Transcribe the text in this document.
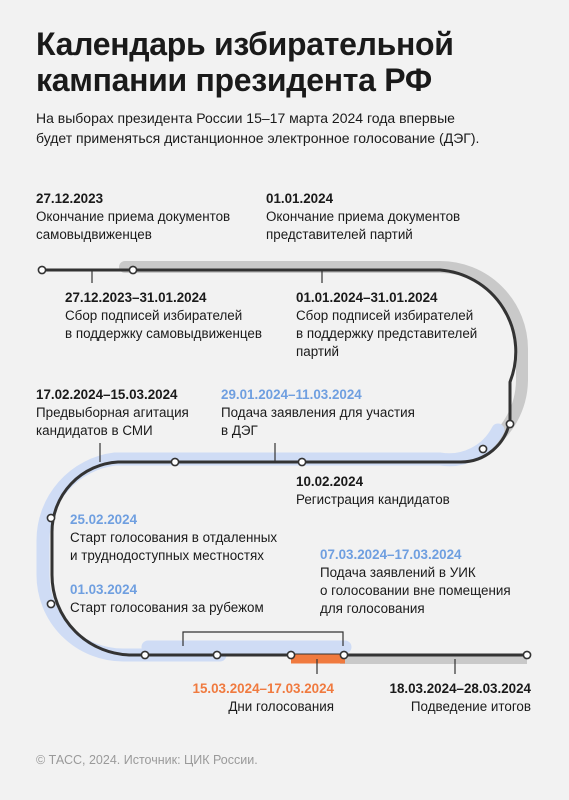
Календарь избирательной
кампании президента РФ
На выборах президента России 15–17 марта 2024 года впервые
будет применяться дистанционное электронное голосование (ДЭГ).
27.12.2023
Окончание приема документов
самовыдвиженцев
01.01.2024
Окончание приема документов
представителей партий
27.12.2023–31.01.2024
Сбор подписей избирателей
в поддержку самовыдвиженцев
01.01.2024–31.01.2024
Сбор подписей избирателей
в поддержку представителей
партий
17.02.2024–15.03.2024
Предвыборная агитация
кандидатов в СМИ
29.01.2024–11.03.2024
Подача заявления для участия
в ДЭГ
10.02.2024
Регистрация кандидатов
25.02.2024
Старт голосования в отдаленных
и труднодоступных местностях	07.03.2024–17.03.2024
Подача заявлений в УИК
о голосовании вне помещения
для голосования
01.03.2024
Старт голосования за рубежом
15.03.2024–17.03.2024
Дни голосования
18.03.2024–28.03.2024
Подведение итогов
© ТАСС, 2024. Источник: ЦИК России.
